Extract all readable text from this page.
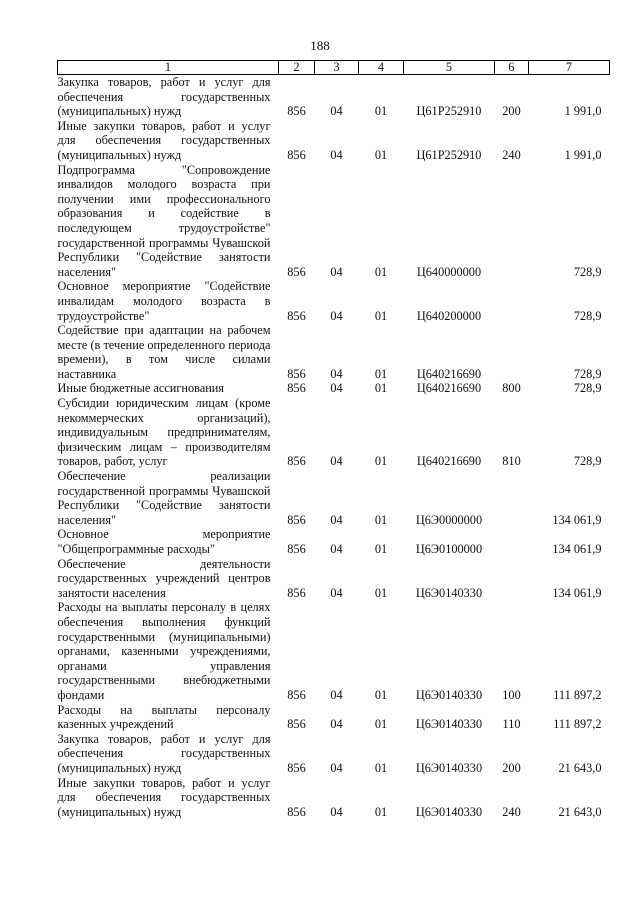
188
1	2	3	4	5	6	7
Закупка товаров, работ и услуг для обеспечения государственных (муниципальных) нужд	856	04	01	Ц61Р252910	200	1 991,0
Иные закупки товаров, работ и услуг для обеспечения государственных (муниципальных) нужд	856	04	01	Ц61Р252910	240	1 991,0
Подпрограмма "Сопровождение инвалидов молодого возраста при получении ими профессионального образования и содействие в последующем трудоустройстве" государственной программы Чувашской Республики "Содействие занятости населения"	856	04	01	Ц640000000		728,9
Основное мероприятие "Содействие инвалидам молодого возраста в трудоустройстве"	856	04	01	Ц640200000		728,9
Содействие при адаптации на рабочем месте (в течение определенного периода времени), в том числе силами наставника	856	04	01	Ц640216690		728,9
Иные бюджетные ассигнования	856	04	01	Ц640216690	800	728,9
Субсидии юридическим лицам (кроме некоммерческих организаций), индивидуальным предпринимателям, физическим лицам – производителям товаров, работ, услуг	856	04	01	Ц640216690	810	728,9
Обеспечение реализации государственной программы Чувашской Республики "Содействие занятости населения"	856	04	01	Ц6Э0000000		134 061,9
Основное мероприятие "Общепрограммные расходы"	856	04	01	Ц6Э0100000		134 061,9
Обеспечение деятельности государственных учреждений центров занятости населения	856	04	01	Ц6Э0140330		134 061,9
Расходы на выплаты персоналу в целях обеспечения выполнения функций государственными (муниципальными) органами, казенными учреждениями, органами управления государственными внебюджетными фондами	856	04	01	Ц6Э0140330	100	111 897,2
Расходы на выплаты персоналу казенных учреждений	856	04	01	Ц6Э0140330	110	111 897,2
Закупка товаров, работ и услуг для обеспечения государственных (муниципальных) нужд	856	04	01	Ц6Э0140330	200	21 643,0
Иные закупки товаров, работ и услуг для обеспечения государственных (муниципальных) нужд	856	04	01	Ц6Э0140330	240	21 643,0
